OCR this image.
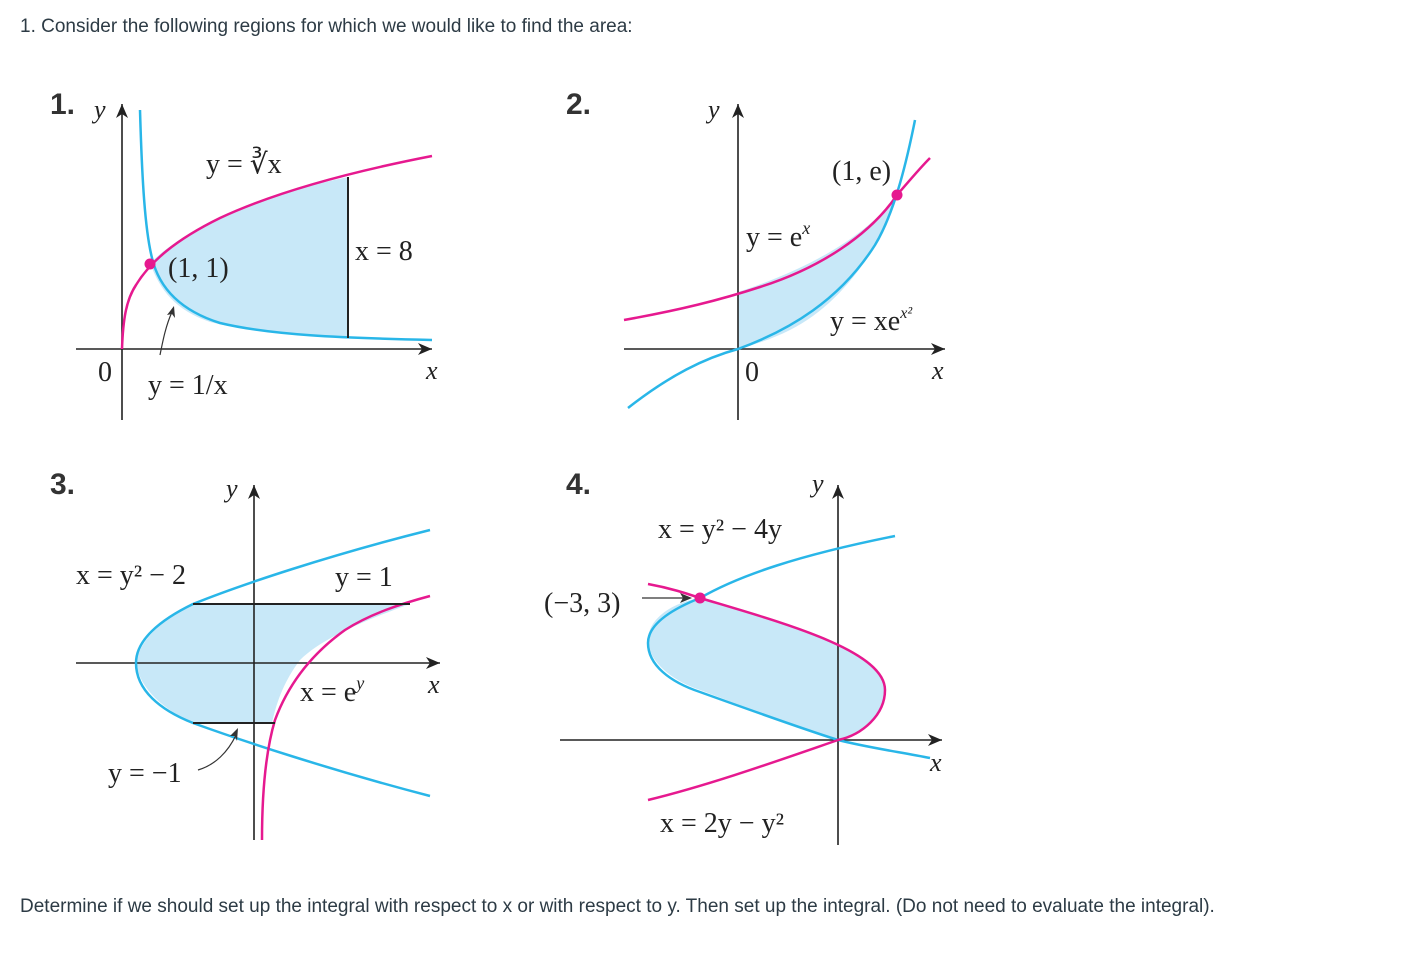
1. Consider the following regions for which we would like to find the area:
1.
y = ∛x
x = 8
(1, 1)
y = 1/x
0	x
y	2.
(1, e)
$y = e^x$
$y = xe^{x^2}$
0	x
y
3.
x = y² − 2	y = 1
$x = e^y$
y = −1
x
y	4.
x = y² − 4y
(−3, 3)
x = 2y − y²
x
y
Determine if we should set up the integral with respect to x or with respect to y. Then set up the integral. (Do not need to evaluate the integral).
